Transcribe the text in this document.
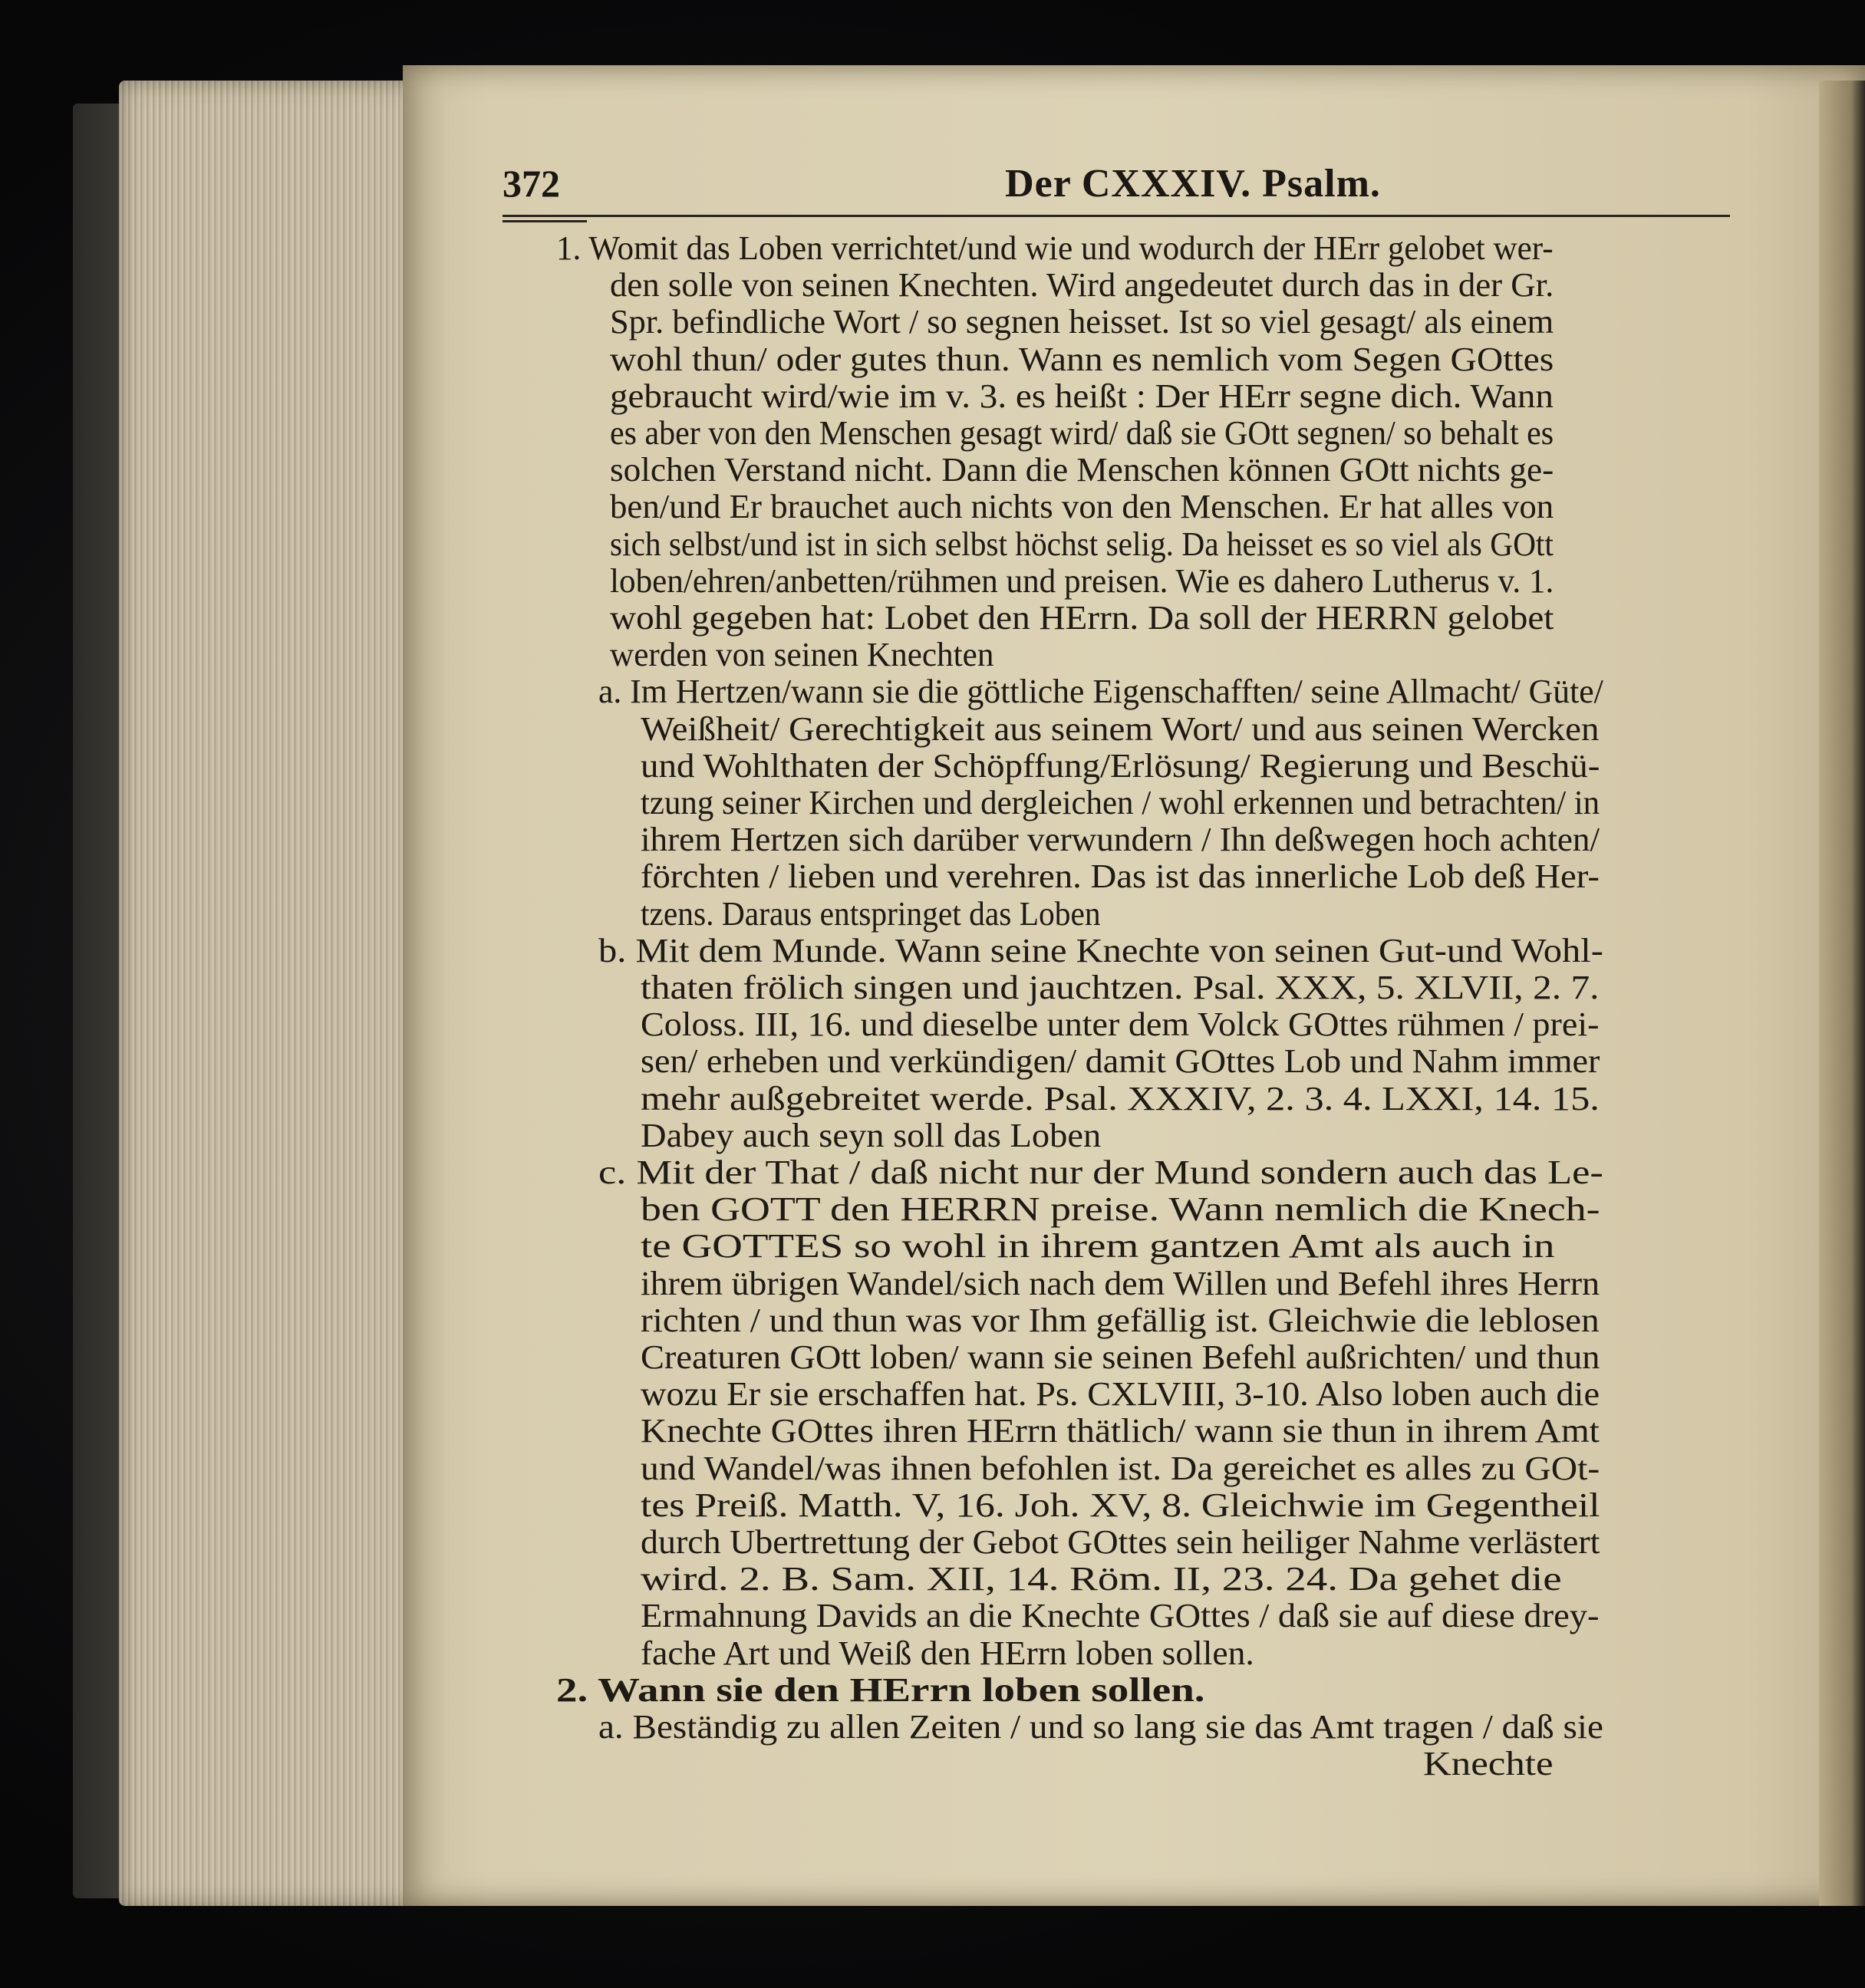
372	Der CXXXIV. Psalm.
1. Womit das Loben verrichtet/und wie und wodurch der HErr gelobet wer-
den solle von seinen Knechten. Wird angedeutet durch das in der Gr.
Spr. befindliche Wort / so segnen heisset. Ist so viel gesagt/ als einem
wohl thun/ oder gutes thun. Wann es nemlich vom Segen GOttes
gebraucht wird/wie im v. 3. es heißt : Der HErr segne dich. Wann
es aber von den Menschen gesagt wird/ daß sie GOtt segnen/ so behalt es
solchen Verstand nicht. Dann die Menschen können GOtt nichts ge-
ben/und Er brauchet auch nichts von den Menschen. Er hat alles von
sich selbst/und ist in sich selbst höchst selig. Da heisset es so viel als GOtt
loben/ehren/anbetten/rühmen und preisen. Wie es dahero Lutherus v. 1.
wohl gegeben hat: Lobet den HErrn. Da soll der HERRN gelobet
werden von seinen Knechten
a. Im Hertzen/wann sie die göttliche Eigenschafften/ seine Allmacht/ Güte/
Weißheit/ Gerechtigkeit aus seinem Wort/ und aus seinen Wercken
und Wohlthaten der Schöpffung/Erlösung/ Regierung und Beschü-
tzung seiner Kirchen und dergleichen / wohl erkennen und betrachten/ in
ihrem Hertzen sich darüber verwundern / Ihn deßwegen hoch achten/
förchten / lieben und verehren. Das ist das innerliche Lob deß Her-
tzens. Daraus entspringet das Loben
b. Mit dem Munde. Wann seine Knechte von seinen Gut-und Wohl-
thaten frölich singen und jauchtzen. Psal. XXX, 5. XLVII, 2. 7.
Coloss. III, 16. und dieselbe unter dem Volck GOttes rühmen / prei-
sen/ erheben und verkündigen/ damit GOttes Lob und Nahm immer
mehr außgebreitet werde. Psal. XXXIV, 2. 3. 4. LXXI, 14. 15.
Dabey auch seyn soll das Loben
c. Mit der That / daß nicht nur der Mund sondern auch das Le-
ben GOTT den HERRN preise. Wann nemlich die Knech-
te GOTTES so wohl in ihrem gantzen Amt als auch in
ihrem übrigen Wandel/sich nach dem Willen und Befehl ihres Herrn
richten / und thun was vor Ihm gefällig ist. Gleichwie die leblosen
Creaturen GOtt loben/ wann sie seinen Befehl außrichten/ und thun
wozu Er sie erschaffen hat. Ps. CXLVIII, 3-10. Also loben auch die
Knechte GOttes ihren HErrn thätlich/ wann sie thun in ihrem Amt
und Wandel/was ihnen befohlen ist. Da gereichet es alles zu GOt-
tes Preiß. Matth. V, 16. Joh. XV, 8. Gleichwie im Gegentheil
durch Ubertrettung der Gebot GOttes sein heiliger Nahme verlästert
wird. 2. B. Sam. XII, 14. Röm. II, 23. 24. Da gehet die
Ermahnung Davids an die Knechte GOttes / daß sie auf diese drey-
fache Art und Weiß den HErrn loben sollen.
2. Wann sie den HErrn loben sollen.
a. Beständig zu allen Zeiten / und so lang sie das Amt tragen / daß sie
Knechte
